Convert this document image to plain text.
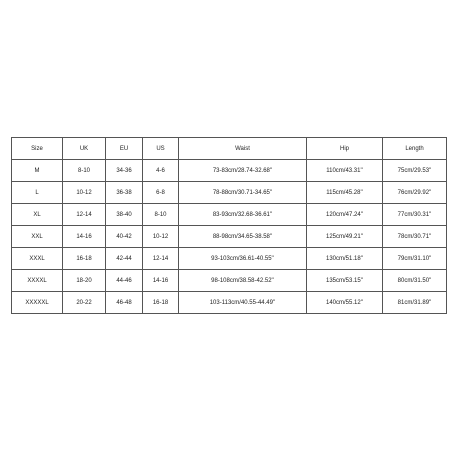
Size	UK	EU	US	Waist	Hip	Length
M	8-10	34-36	4-6	73-83cm/28.74-32.68''	110cm/43.31''	75cm/29.53''
L	10-12	36-38	6-8	78-88cm/30.71-34.65''	115cm/45.28''	76cm/29.92''
XL	12-14	38-40	8-10	83-93cm/32.68-36.61''	120cm/47.24''	77cm/30.31''
XXL	14-16	40-42	10-12	88-98cm/34.65-38.58''	125cm/49.21''	78cm/30.71''
XXXL	16-18	42-44	12-14	93-103cm/36.61-40.55''	130cm/51.18''	79cm/31.10''
XXXXL	18-20	44-46	14-16	98-108cm/38.58-42.52''	135cm/53.15''	80cm/31.50''
XXXXXL	20-22	46-48	16-18	103-113cm/40.55-44.49''	140cm/55.12''	81cm/31.89''
